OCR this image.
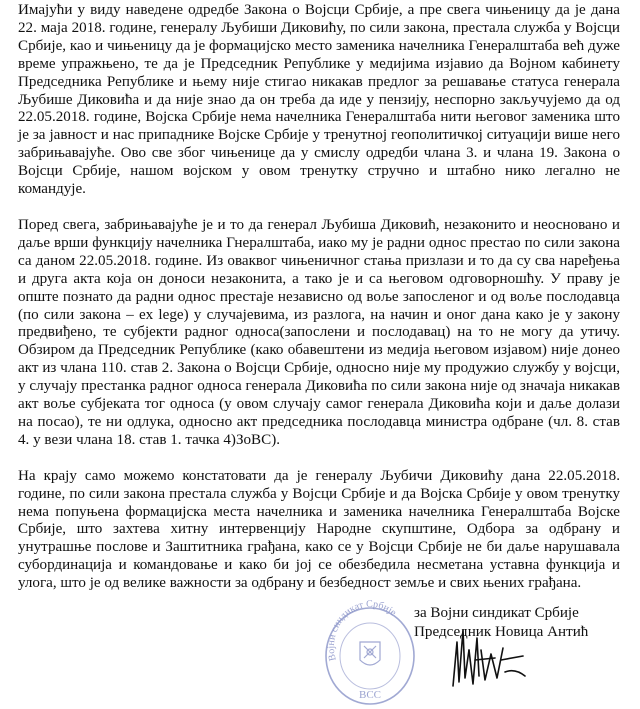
Имајући у виду наведене одредбе Закона о Војсци Србије, а пре свега чињеницу да је дана 22. маја 2018. године, генералу Љубиши Диковићу, по сили закона, престала служба у Војсци Србије, као и чињеницу да је формацијско место заменика начелника Генералштаба већ дуже време упражњено, те да је Председник Републике у медијима изјавио да Војном кабинету Председника Републике и њему није стигао никакав предлог за решавање статуса генерала Љубише Диковића и да није знао да он треба да иде у пензију, неспорно закључујемо да од 22.05.2018. године, Војска Србије нема начелника Генералштаба нити његовог заменика што је за јавност и нас припаднике Војске Србије у тренутној геополитичкој ситуацији више него забрињавајуће. Ово све због чињенице да у смислу одредби члана 3. и члана 19. Закона о Војсци Србије, нашом војском у овом тренутку стручно и штабно нико легално не командује.

Поред свега, забрињавајуће је и то да генерал Љубиша Диковић, незаконито и неосновано и даље врши функцију начелника Гнералштаба, иако му је радни однос престао по сили закона са даном 22.05.2018. године. Из оваквог чињеничног стања призлази и то да су сва наређења и друга акта која он доноси незаконита, а тако је и са његовом одговорношћу. У праву је опште познато да радни однос престаје независно од воље запосленог и од воље послодавца (по сили закона – ex lege) у случајевима, из разлога, на начин и оног дана како је у закону предвиђено, те субјекти радног односа(запослени и послодавац) на то не могу да утичу. Обзиром да Председник Републике (како обавештени из медија његовом изјавом) није донео акт из члана 110. став 2. Закона о Војсци Србије, односно није му продужио службу у војсци, у случају престанка радног односа генерала Диковића по сили закона није од значаја никакав акт воље субјеката тог односа (у овом случају самог генерала Диковића који и даље долази на посао), те ни одлука, односно акт председника послодавца министра одбране (чл. 8. став 4. у вези члана 18. став 1. тачка 4)ЗоВС).

На крају само можемо констатовати да је генералу Љубичи Диковићу дана 22.05.2018. године, по сили закона престала служба у Војсци Србије и да Војска Србије у овом тренутку нема попуњена формацијска места начелника и заменика начелника Генералштаба Војске Србије, што захтева хитну интервенцију Народне скупштине, Одбора за одбрану и унутрашње послове и Заштитника грађана, како се у Војсци Србије не би даље нарушавала субординација и командовање и како би јој се обезбедила несметана уставна функција и улога, што је од велике важности за одбрану и безбедност земље и свих њених грађана.

Војни синдикат Србије
ВСС
за Војни синдикат Србије
Председник Новица Антић
